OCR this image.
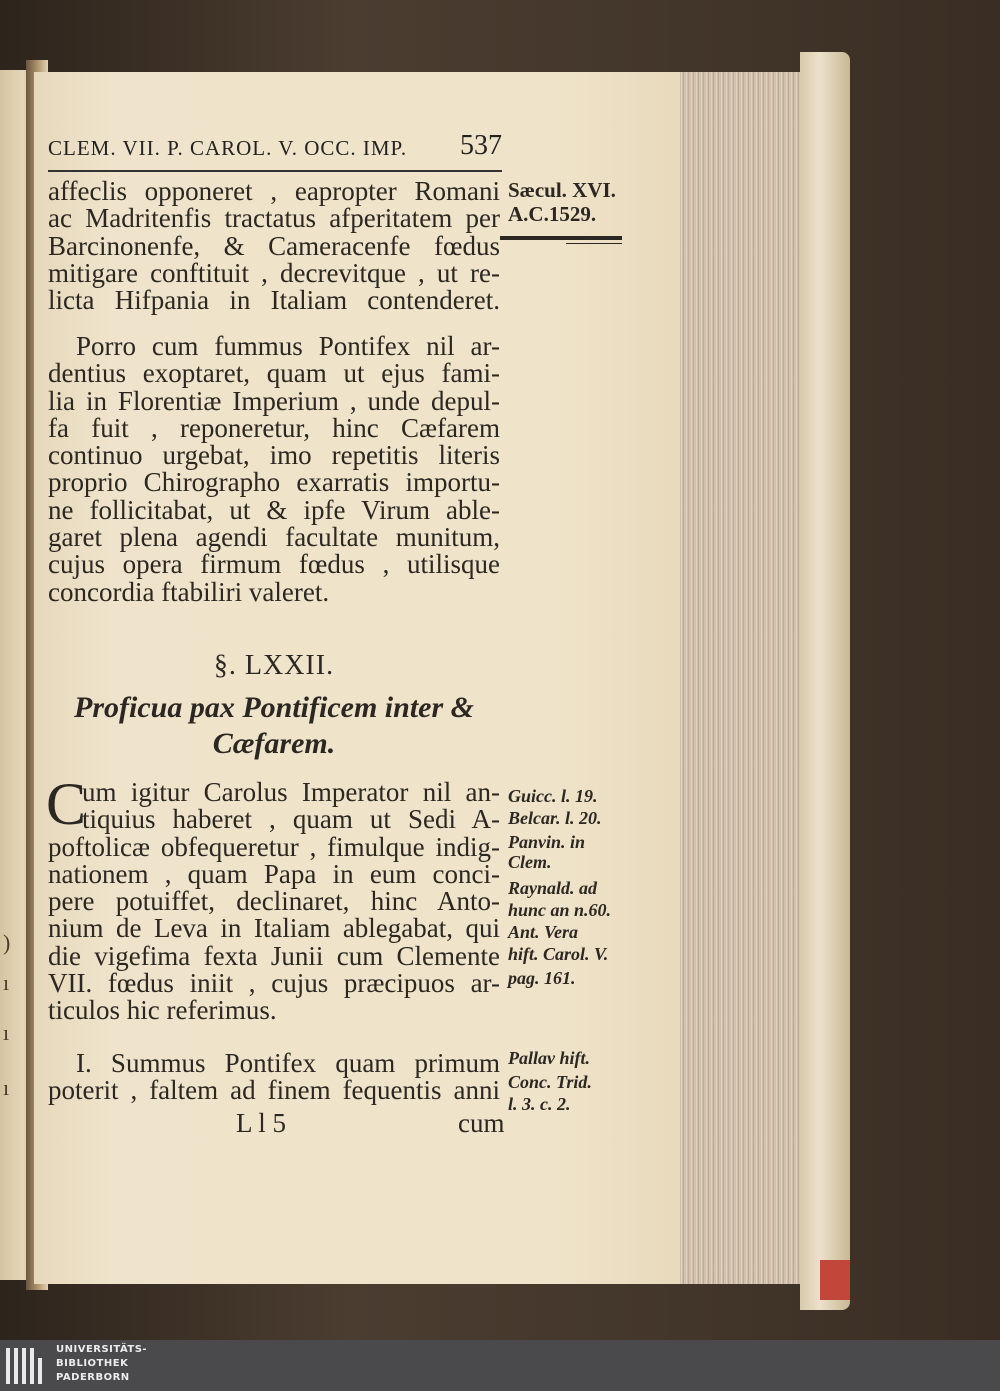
)
ı
ı
ı
CLEM. VII. P. CAROL. V. OCC. IMP. 537
Sæcul. XVI.
A.C.1529.
affeclis opponeret , eapropter Romani
ac Madritenfis tractatus afperitatem per
Barcinonenfe, & Cameracenfe fœdus
mitigare conftituit , decrevitque , ut re-
licta Hifpania in Italiam contenderet.
Porro cum fummus Pontifex nil ar-
dentius exoptaret, quam ut ejus fami-
lia in Florentiæ Imperium , unde depul-
fa fuit , reponeretur, hinc Cæfarem
continuo urgebat, imo repetitis literis
proprio Chirographo exarratis importu-
ne follicitabat, ut & ipfe Virum able-
garet plena agendi facultate munitum,
cujus opera firmum fœdus , utilisque
concordia ftabiliri valeret.
§. LXXII.
Proficua pax Pontificem inter &
Cæfarem.
C
um igitur Carolus Imperator nil an-
tiquius haberet , quam ut Sedi A-
poftolicæ obfequeretur , fimulque indig-
nationem , quam Papa in eum conci-
pere potuiffet, declinaret, hinc Anto-
nium de Leva in Italiam ablegabat, qui
die vigefima fexta Junii cum Clemente
VII. fœdus iniit , cujus præcipuos ar-
ticulos hic referimus.
I. Summus Pontifex quam primum
poterit , faltem ad finem fequentis anni
L l 5	cum
Guicc. l. 19.
Belcar. l. 20.
Panvin. in
Clem.
Raynald. ad
hunc an n.60.
Ant. Vera
hift. Carol. V.
pag. 161.
Pallav hift.
Conc. Trid.
l. 3. c. 2.
UNIVERSITÄTS-
BIBLIOTHEK
PADERBORN
